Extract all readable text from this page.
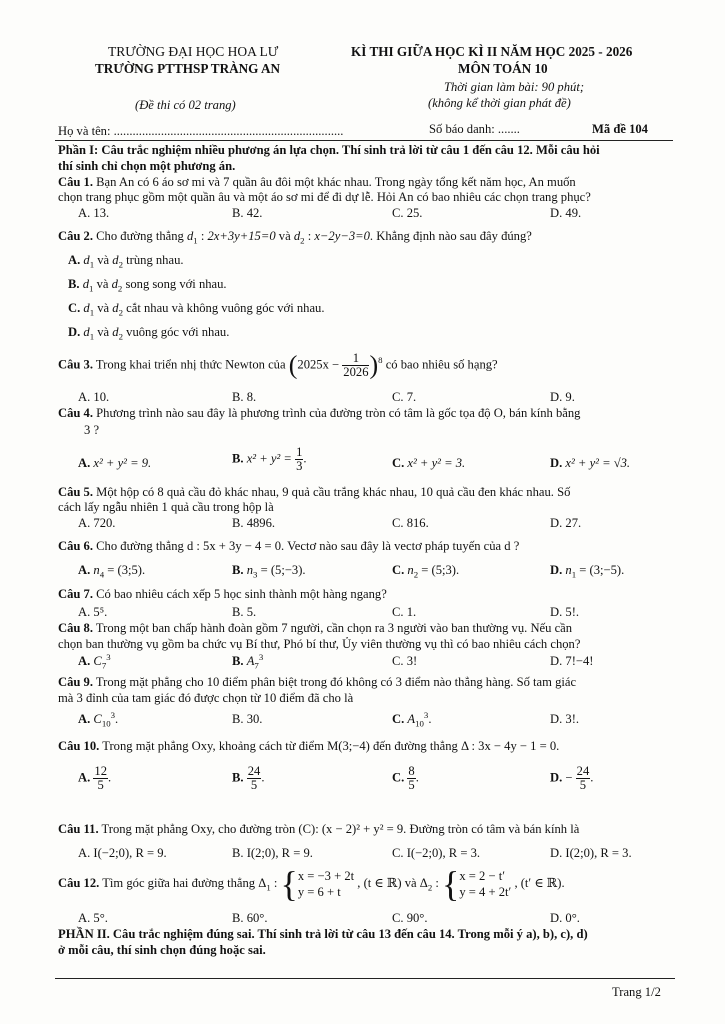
TRƯỜNG ĐẠI HỌC HOA LƯ
TRƯỜNG PTTHSP TRÀNG AN
(Đề thi có 02 trang)
KÌ THI GIỮA HỌC KÌ II NĂM HỌC 2025 - 2026
MÔN TOÁN 10
Thời gian làm bài: 90 phút;
(không kể thời gian phát đề)
Họ và tên: .........................................................................	Số báo danh: .......	Mã đề 104
Phần I: Câu trắc nghiệm nhiều phương án lựa chọn. Thí sinh trả lời từ câu 1 đến câu 12. Mỗi câu hỏi
thí sinh chỉ chọn một phương án.
Câu 1. Bạn An có 6 áo sơ mi và 7 quần âu đôi một khác nhau. Trong ngày tổng kết năm học, An muốn
chọn trang phục gồm một quần âu và một áo sơ mi để đi dự lễ. Hỏi An có bao nhiêu các chọn trang phục?
A. 13.	B. 42.	C. 25.	D. 49.
Câu 2. Cho đường thẳng $d_1$ : 2x+3y+15=0 và $d_2$ : x−2y−3=0. Khẳng định nào sau đây đúng?
A. $d_1$ và $d_2$ trùng nhau.
B. $d_1$ và $d_2$ song song với nhau.
C. $d_1$ và $d_2$ cắt nhau và không vuông góc với nhau.
D. $d_1$ và $d_2$ vuông góc với nhau.
Câu 3. Trong khai triển nhị thức Newton của $(2025x - \frac{1}{2026} )^8$ có bao nhiêu số hạng?
A. 10.	B. 8.	C. 7.	D. 9.
Câu 4. Phương trình nào sau đây là phương trình của đường tròn có tâm là gốc tọa độ O, bán kính bằng
3 ?
A. x² + y² = 9.	B. $x^2 + y^2 = \frac{1}{3}$ .	C. x² + y² = 3.	D. x² + y² = √3.
Câu 5. Một hộp có 8 quả cầu đỏ khác nhau, 9 quả cầu trắng khác nhau, 10 quả cầu đen khác nhau. Số
cách lấy ngẫu nhiên 1 quả cầu trong hộp là
A. 720.	B. 4896.	C. 816.	D. 27.
Câu 6. Cho đường thẳng d : 5x + 3y − 4 = 0. Vectơ nào sau đây là vectơ pháp tuyến của d ?
A. $n_4$ = (3;5).	B. $n_3$ = (5;−3).	C. $n_2$ = (5;3).	D. $n_1$ = (3;−5).
Câu 7. Có bao nhiêu cách xếp 5 học sinh thành một hàng ngang?
A. 5⁵.	B. 5.	C. 1.	D. 5!.
Câu 8. Trong một ban chấp hành đoàn gồm 7 người, cần chọn ra 3 người vào ban thường vụ. Nếu cần
chọn ban thường vụ gồm ba chức vụ Bí thư, Phó bí thư, Ủy viên thường vụ thì có bao nhiêu cách chọn?
A. $C_7^3$	B. $A_7^3$	C. 3!	D. 7!−4!
Câu 9. Trong mặt phẳng cho 10 điểm phân biệt trong đó không có 3 điểm nào thẳng hàng. Số tam giác
mà 3 đỉnh của tam giác đó được chọn từ 10 điểm đã cho là
A. $C_{10}^3$.	B. 30.	C. $A_{10}^3$.	D. 3!.
Câu 10. Trong mặt phẳng Oxy, khoảng cách từ điểm M(3;−4) đến đường thẳng Δ : 3x − 4y − 1 = 0.
A. $\frac{12}{5}$ .	B. $\frac{24}{5}$ .	C. $\frac{8}{5}$ .	D. − $\frac{24}{5}$ .
Câu 11. Trong mặt phẳng Oxy, cho đường tròn (C): (x − 2)² + y² = 9. Đường tròn có tâm và bán kính là
A. I(−2;0), R = 9.	B. I(2;0), R = 9.	C. I(−2;0), R = 3.	D. I(2;0), R = 3.
Câu 12. Tìm góc giữa hai đường thẳng $\Delta_1$ : {x = −3 + 2t
y = 6 + t , (t ∈ ℝ) và $\Delta_2$ : {x = 2 − t′
y = 4 + 2t′ , (t′ ∈ ℝ).
A. 5°.	B. 60°.	C. 90°.	D. 0°.
PHẦN II. Câu trắc nghiệm đúng sai. Thí sinh trả lời từ câu 13 đến câu 14. Trong mỗi ý a), b), c), d)
ở mỗi câu, thí sinh chọn đúng hoặc sai.
Trang 1/2
